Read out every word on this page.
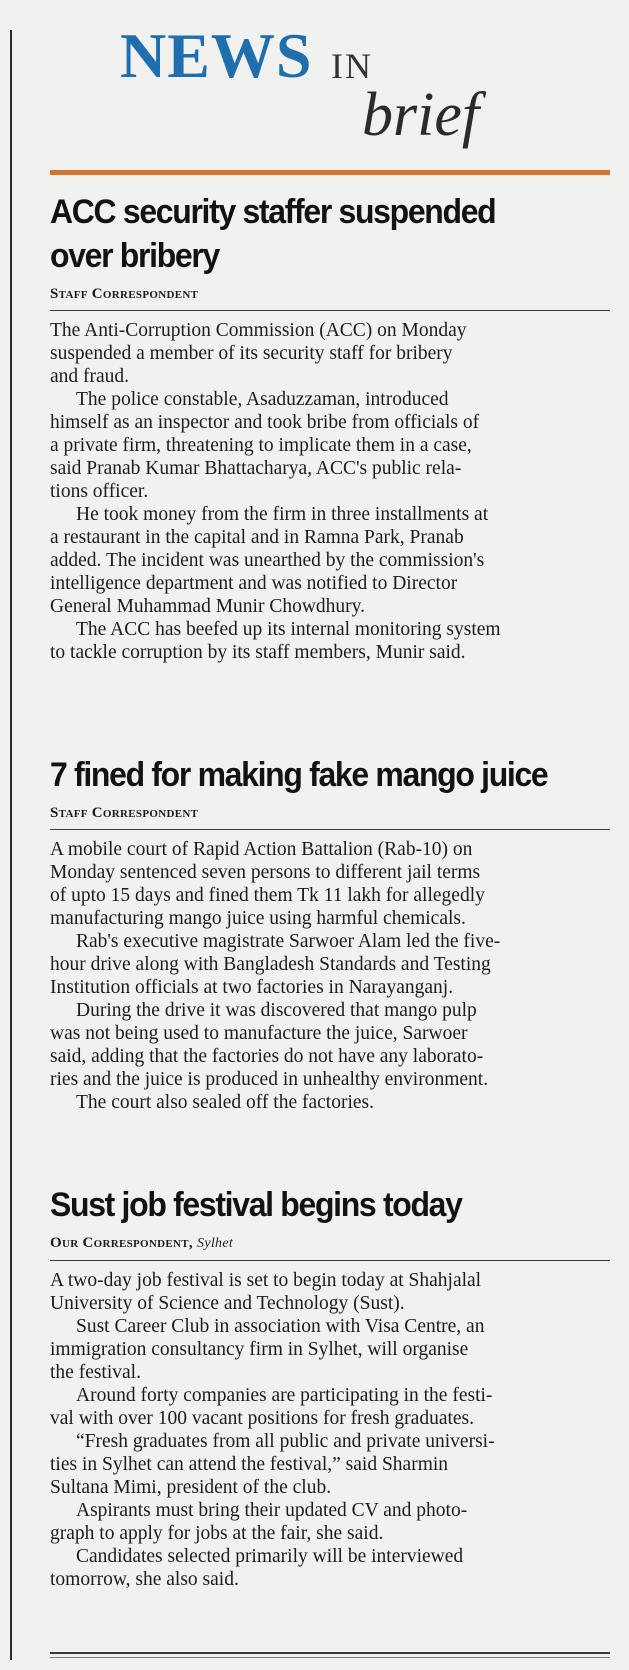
NEWS IN
brief
ACC security staffer suspended
over bribery
Staff Correspondent

The Anti-Corruption Commission (ACC) on Monday
suspended a member of its security staff for bribery
and fraud.

The police constable, Asaduzzaman, introduced
himself as an inspector and took bribe from officials of
a private firm, threatening to implicate them in a case,
said Pranab Kumar Bhattacharya, ACC's public rela-
tions officer.

He took money from the firm in three installments at
a restaurant in the capital and in Ramna Park, Pranab
added. The incident was unearthed by the commission's
intelligence department and was notified to Director
General Muhammad Munir Chowdhury.

The ACC has beefed up its internal monitoring system
to tackle corruption by its staff members, Munir said.

7 fined for making fake mango juice
Staff Correspondent

A mobile court of Rapid Action Battalion (Rab-10) on
Monday sentenced seven persons to different jail terms
of upto 15 days and fined them Tk 11 lakh for allegedly
manufacturing mango juice using harmful chemicals.

Rab's executive magistrate Sarwoer Alam led the five-
hour drive along with Bangladesh Standards and Testing
Institution officials at two factories in Narayanganj.

During the drive it was discovered that mango pulp
was not being used to manufacture the juice, Sarwoer
said, adding that the factories do not have any laborato-
ries and the juice is produced in unhealthy environment.

The court also sealed off the factories.

Sust job festival begins today
Our Correspondent, Sylhet

A two-day job festival is set to begin today at Shahjalal
University of Science and Technology (Sust).

Sust Career Club in association with Visa Centre, an
immigration consultancy firm in Sylhet, will organise
the festival.

Around forty companies are participating in the festi-
val with over 100 vacant positions for fresh graduates.

“Fresh graduates from all public and private universi-
ties in Sylhet can attend the festival,” said Sharmin
Sultana Mimi, president of the club.

Aspirants must bring their updated CV and photo-
graph to apply for jobs at the fair, she said.

Candidates selected primarily will be interviewed
tomorrow, she also said.
